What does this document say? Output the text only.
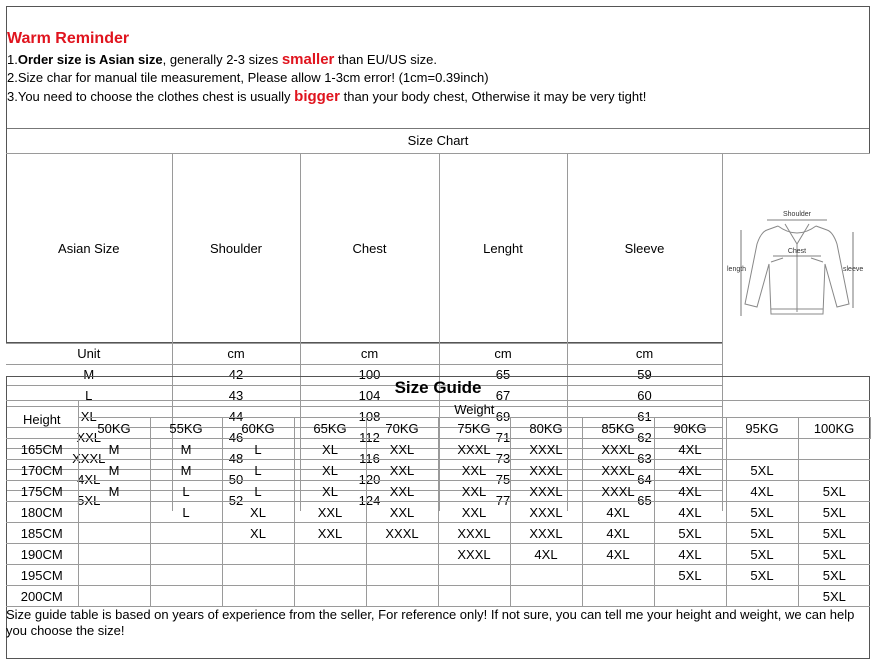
Warm Reminder
1.Order size is Asian size, generally 2-3 sizes smaller than EU/US size.
2.Size char for manual tile measurement, Please allow 1-3cm error! (1cm=0.39inch)
3.You need to choose the clothes chest is usually bigger than your body chest, Otherwise it may be very tight!
Size Chart					
Asian Size	Shoulder	Chest	Lenght	Sleeve	Shoulder
Chest
length sleeve

Unit	cm	cm	cm	cm	
M	42	100	65	59	
L	43	104	67	60	
XL	44	108	69	61	
XXL	46	112	71	62	
XXXL	48	116	73	63	
4XL	50	120	75	64	
5XL	52	124	77	65	
Size Guide											
Height	Weight										
	50KG	55KG	60KG	65KG	70KG	75KG	80KG	85KG	90KG	95KG	100KG
165CM	M	M	L	XL	XXL	XXXL	XXXL	XXXL	4XL		
170CM	M	M	L	XL	XXL	XXL	XXXL	XXXL	4XL	5XL	
175CM	M	L	L	XL	XXL	XXL	XXXL	XXXL	4XL	4XL	5XL
180CM		L	XL	XXL	XXL	XXL	XXXL	4XL	4XL	5XL	5XL
185CM			XL	XXL	XXXL	XXXL	XXXL	4XL	5XL	5XL	5XL
190CM						XXXL	4XL	4XL	4XL	5XL	5XL
195CM									5XL	5XL	5XL
200CM											5XL
Size guide table is based on years of experience from the seller, For reference only! If not sure, you can tell me your height and weight, we can help you choose the size!											
